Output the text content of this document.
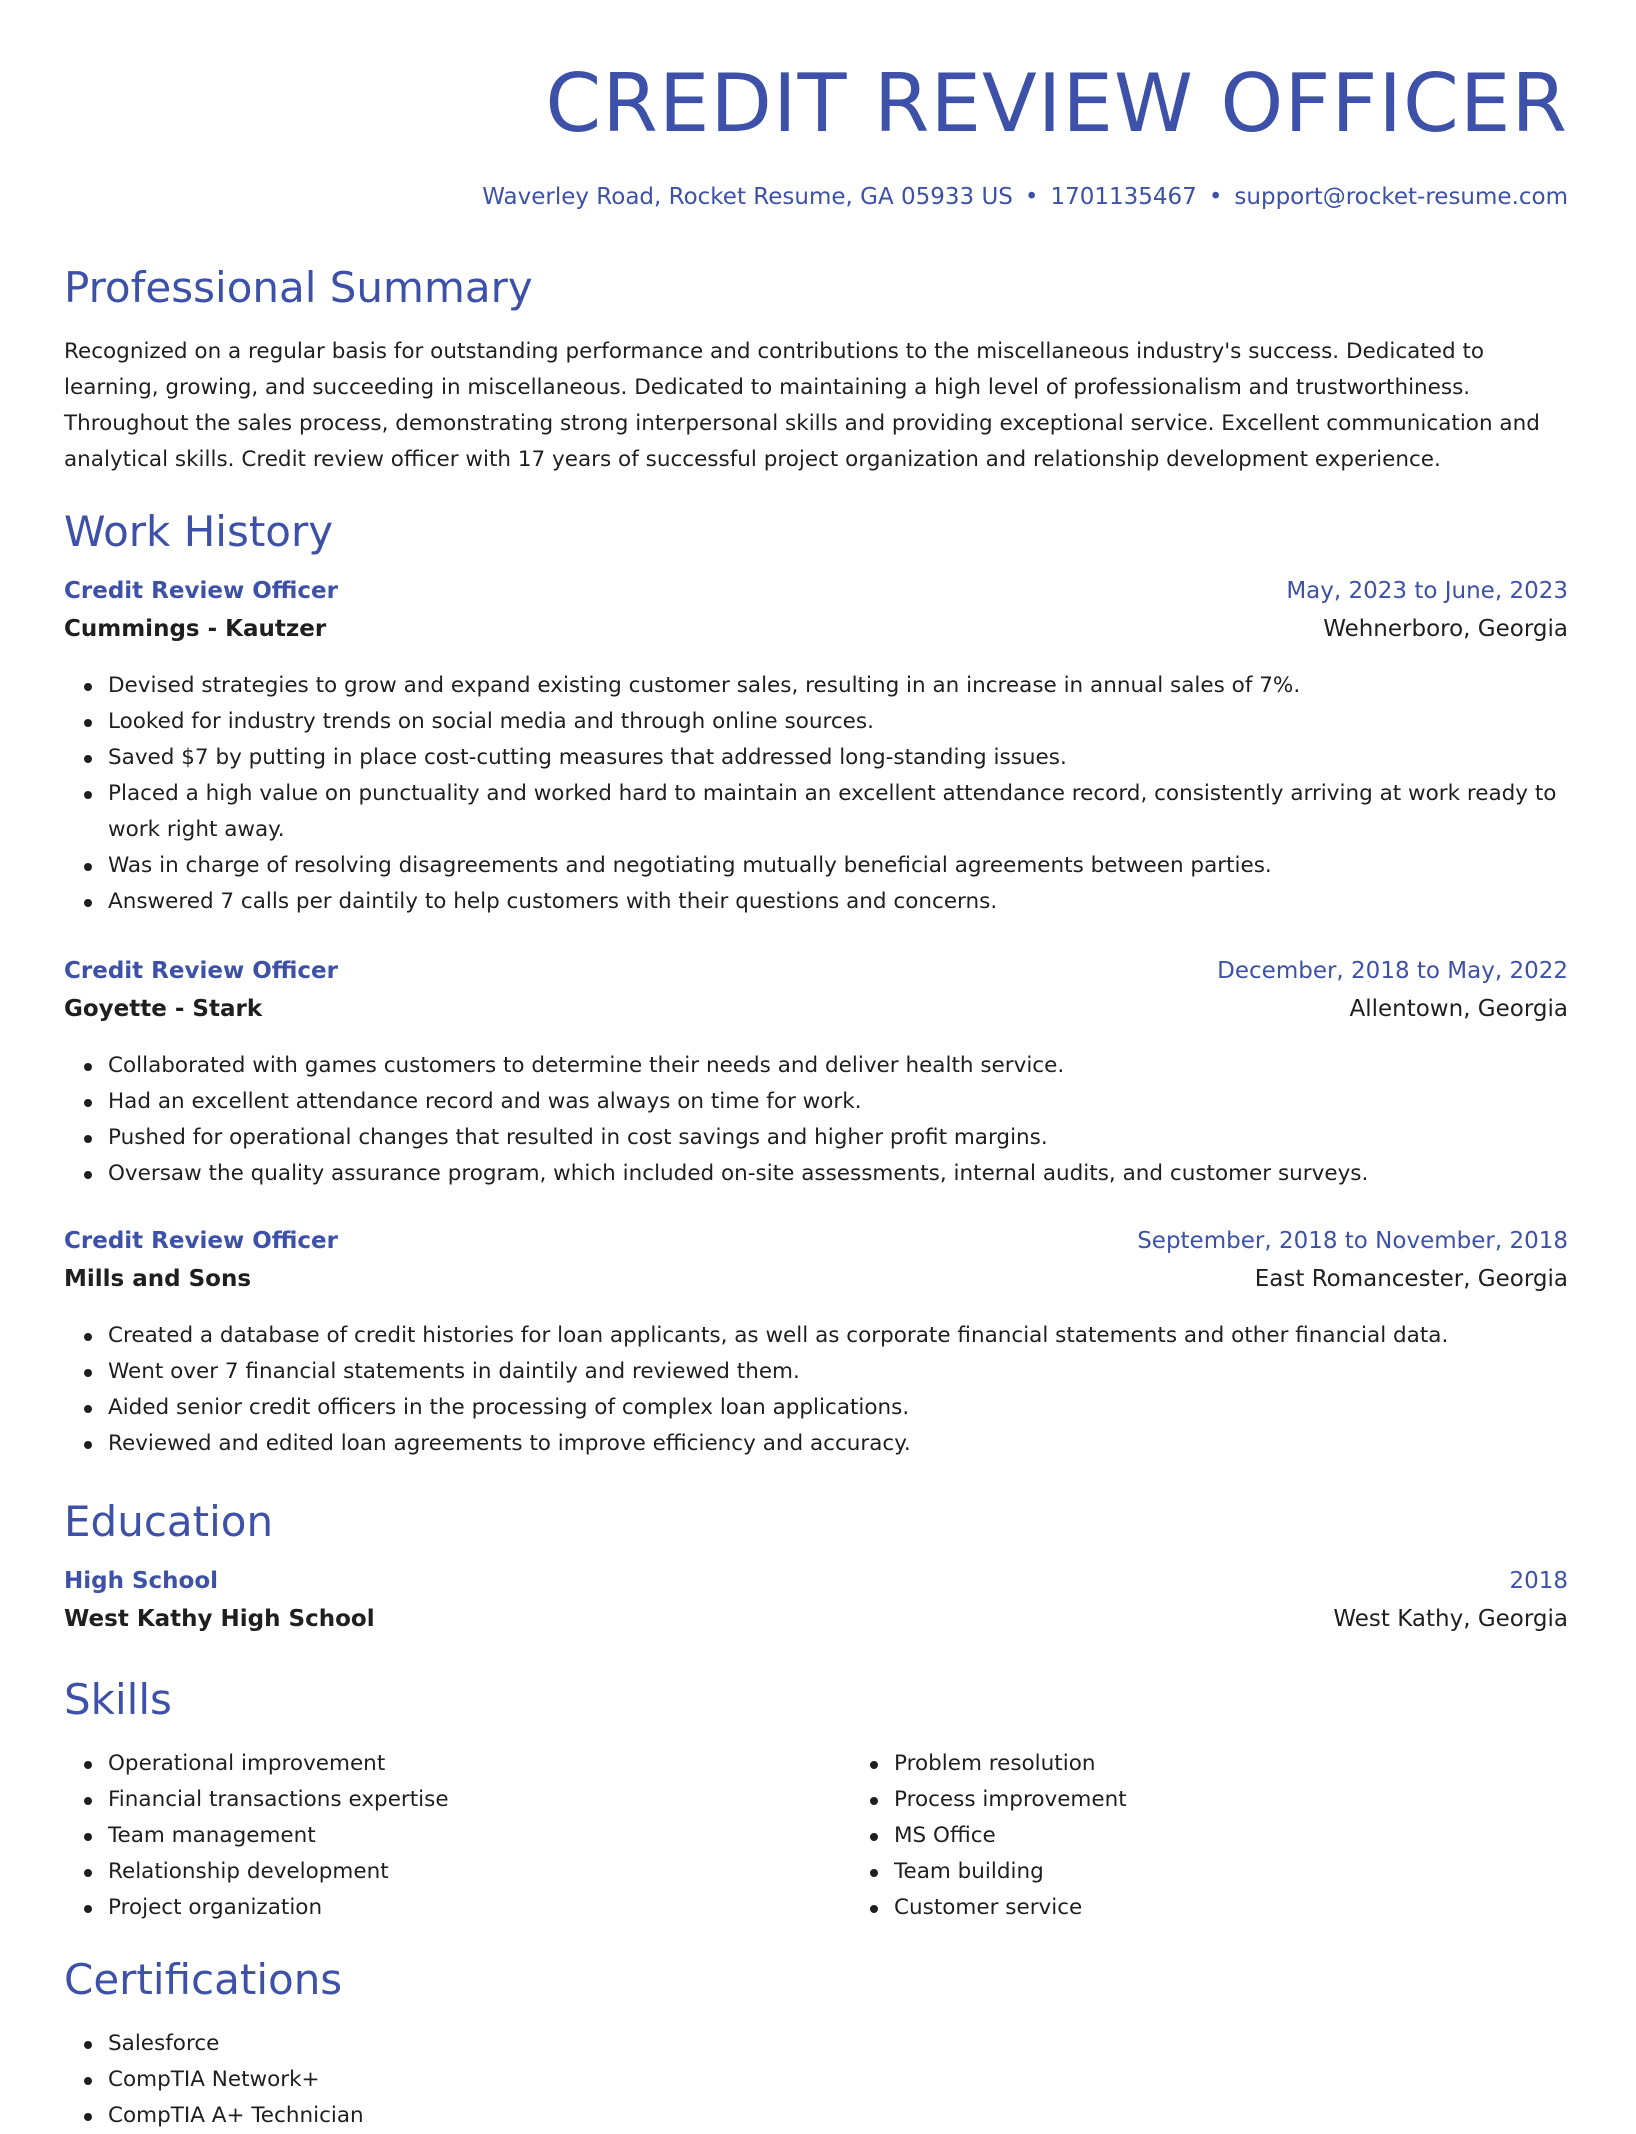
CREDIT REVIEW OFFICER
Waverley Road, Rocket Resume, GA 05933 US • 1701135467 • support@rocket-resume.com
Professional Summary

Recognized on a regular basis for outstanding performance and contributions to the miscellaneous industry's success. Dedicated to learning, growing, and succeeding in miscellaneous. Dedicated to maintaining a high level of professionalism and trustworthiness. Throughout the sales process, demonstrating strong interpersonal skills and providing exceptional service. Excellent communication and analytical skills. Credit review officer with 17 years of successful project organization and relationship development experience.

Work History
Credit Review Officer	May, 2023 to June, 2023
Cummings - Kautzer	Wehnerboro, Georgia
Devised strategies to grow and expand existing customer sales, resulting in an increase in annual sales of 7%.
Looked for industry trends on social media and through online sources.
Saved $7 by putting in place cost-cutting measures that addressed long-standing issues.
Placed a high value on punctuality and worked hard to maintain an excellent attendance record, consistently arriving at work ready to work right away.
Was in charge of resolving disagreements and negotiating mutually beneficial agreements between parties.
Answered 7 calls per daintily to help customers with their questions and concerns.
Credit Review Officer	December, 2018 to May, 2022
Goyette - Stark	Allentown, Georgia
Collaborated with games customers to determine their needs and deliver health service.
Had an excellent attendance record and was always on time for work.
Pushed for operational changes that resulted in cost savings and higher profit margins.
Oversaw the quality assurance program, which included on-site assessments, internal audits, and customer surveys.
Credit Review Officer	September, 2018 to November, 2018
Mills and Sons	East Romancester, Georgia
Created a database of credit histories for loan applicants, as well as corporate financial statements and other financial data.
Went over 7 financial statements in daintily and reviewed them.
Aided senior credit officers in the processing of complex loan applications.
Reviewed and edited loan agreements to improve efficiency and accuracy.
Education
High School	2018
West Kathy High School	West Kathy, Georgia
Skills
Operational improvement
Financial transactions expertise
Team management
Relationship development
Project organization
Problem resolution
Process improvement
MS Office
Team building
Customer service
Certifications
Salesforce
CompTIA Network+
CompTIA A+ Technician
